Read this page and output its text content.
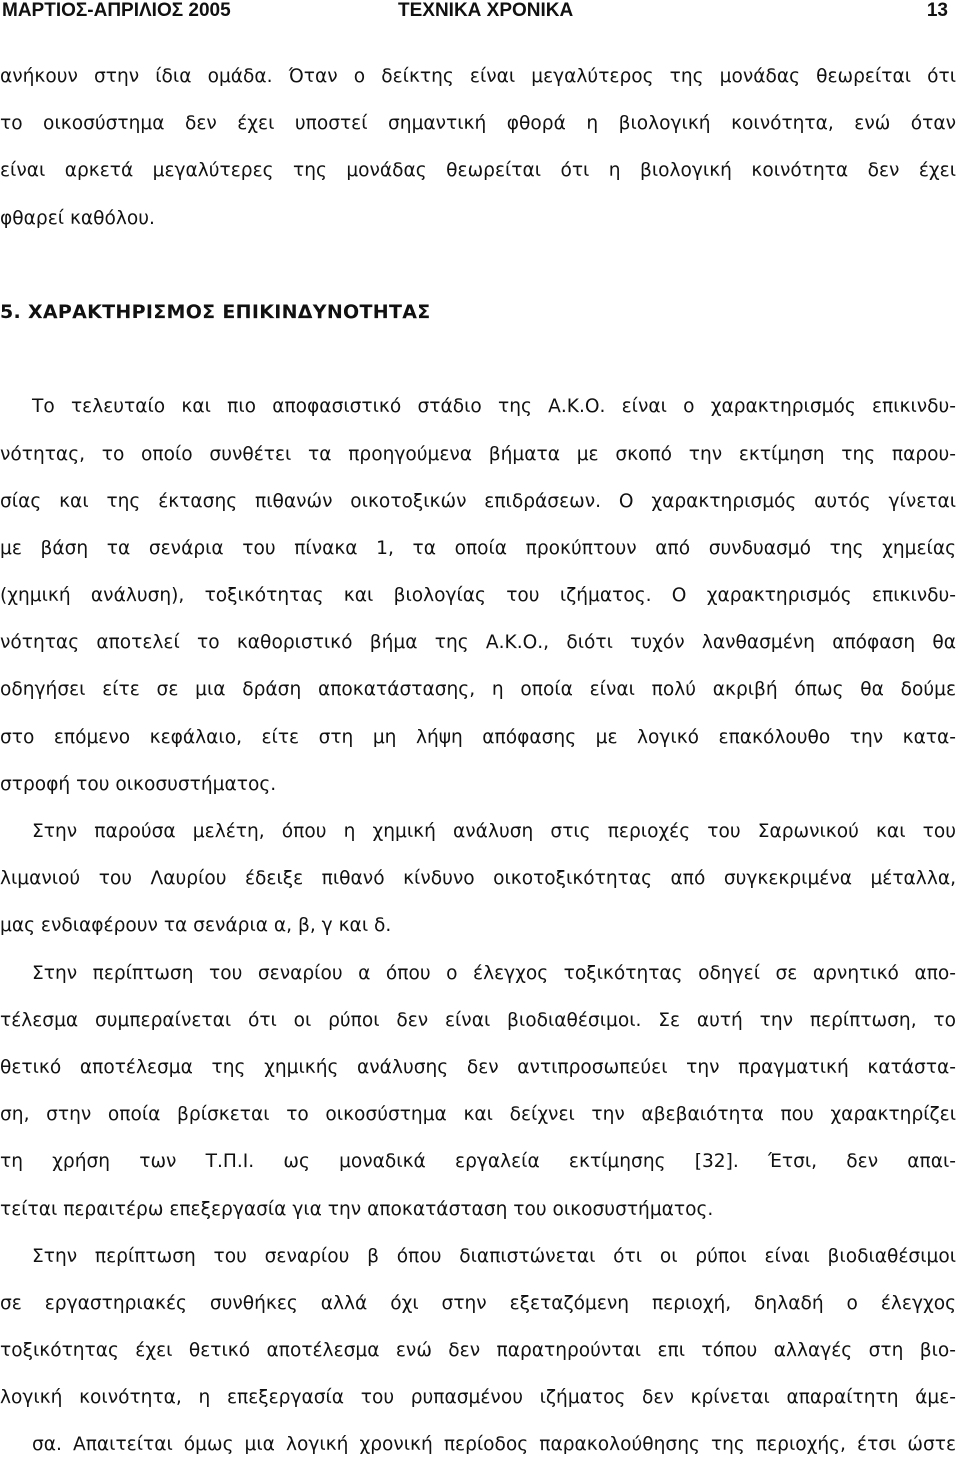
ΜΑΡΤΙΟΣ-ΑΠΡΙΛΙΟΣ 2005	ΤΕΧΝΙΚΑ ΧΡΟΝΙΚΑ	13
ανήκουν στην ίδια ομάδα. Όταν ο δείκτης είναι μεγαλύτερος της μονάδας θεωρείται ότι
το οικοσύστημα δεν έχει υποστεί σημαντική φθορά η βιολογική κοινότητα, ενώ όταν
είναι αρκετά μεγαλύτερες της μονάδας θεωρείται ότι η βιολογική κοινότητα δεν έχει
φθαρεί καθόλου.
5. ΧΑΡΑΚΤΗΡΙΣΜΟΣ ΕΠΙΚΙΝΔΥΝΟΤΗΤΑΣ
Το τελευταίο και πιο αποφασιστικό στάδιο της Α.Κ.Ο. είναι ο χαρακτηρισμός επικινδυ-
νότητας, το οποίο συνθέτει τα προηγούμενα βήματα με σκοπό την εκτίμηση της παρου-
σίας και της έκτασης πιθανών οικοτοξικών επιδράσεων. Ο χαρακτηρισμός αυτός γίνεται
με βάση τα σενάρια του πίνακα 1, τα οποία προκύπτουν από συνδυασμό της χημείας
(χημική ανάλυση), τοξικότητας και βιολογίας του ιζήματος. Ο χαρακτηρισμός επικινδυ-
νότητας αποτελεί το καθοριστικό βήμα της Α.Κ.Ο., διότι τυχόν λανθασμένη απόφαση θα
οδηγήσει είτε σε μια δράση αποκατάστασης, η οποία είναι πολύ ακριβή όπως θα δούμε
στο επόμενο κεφάλαιο, είτε στη μη λήψη απόφασης με λογικό επακόλουθο την κατα-
στροφή του οικοσυστήματος.
Στην παρούσα μελέτη, όπου η χημική ανάλυση στις περιοχές του Σαρωνικού και του
λιμανιού του Λαυρίου έδειξε πιθανό κίνδυνο οικοτοξικότητας από συγκεκριμένα μέταλλα,
μας ενδιαφέρουν τα σενάρια α, β, γ και δ.
Στην περίπτωση του σεναρίου α όπου ο έλεγχος τοξικότητας οδηγεί σε αρνητικό απο-
τέλεσμα συμπεραίνεται ότι οι ρύποι δεν είναι βιοδιαθέσιμοι. Σε αυτή την περίπτωση, το
θετικό αποτέλεσμα της χημικής ανάλυσης δεν αντιπροσωπεύει την πραγματική κατάστα-
ση, στην οποία βρίσκεται το οικοσύστημα και δείχνει την αβεβαιότητα που χαρακτηρίζει
τη χρήση των Τ.Π.Ι. ως μοναδικά εργαλεία εκτίμησης [32]. Έτσι, δεν απαι-
τείται περαιτέρω επεξεργασία για την αποκατάσταση του οικοσυστήματος.
Στην περίπτωση του σεναρίου β όπου διαπιστώνεται ότι οι ρύποι είναι βιοδιαθέσιμοι
σε εργαστηριακές συνθήκες αλλά όχι στην εξεταζόμενη περιοχή, δηλαδή ο έλεγχος
τοξικότητας έχει θετικό αποτέλεσμα ενώ δεν παρατηρούνται επι τόπου αλλαγές στη βιο-
λογική κοινότητα, η επεξεργασία του ρυπασμένου ιζήματος δεν κρίνεται απαραίτητη άμε-
σα. Απαιτείται όμως μια λογική χρονική περίοδος παρακολούθησης της περιοχής, έτσι ώστε
